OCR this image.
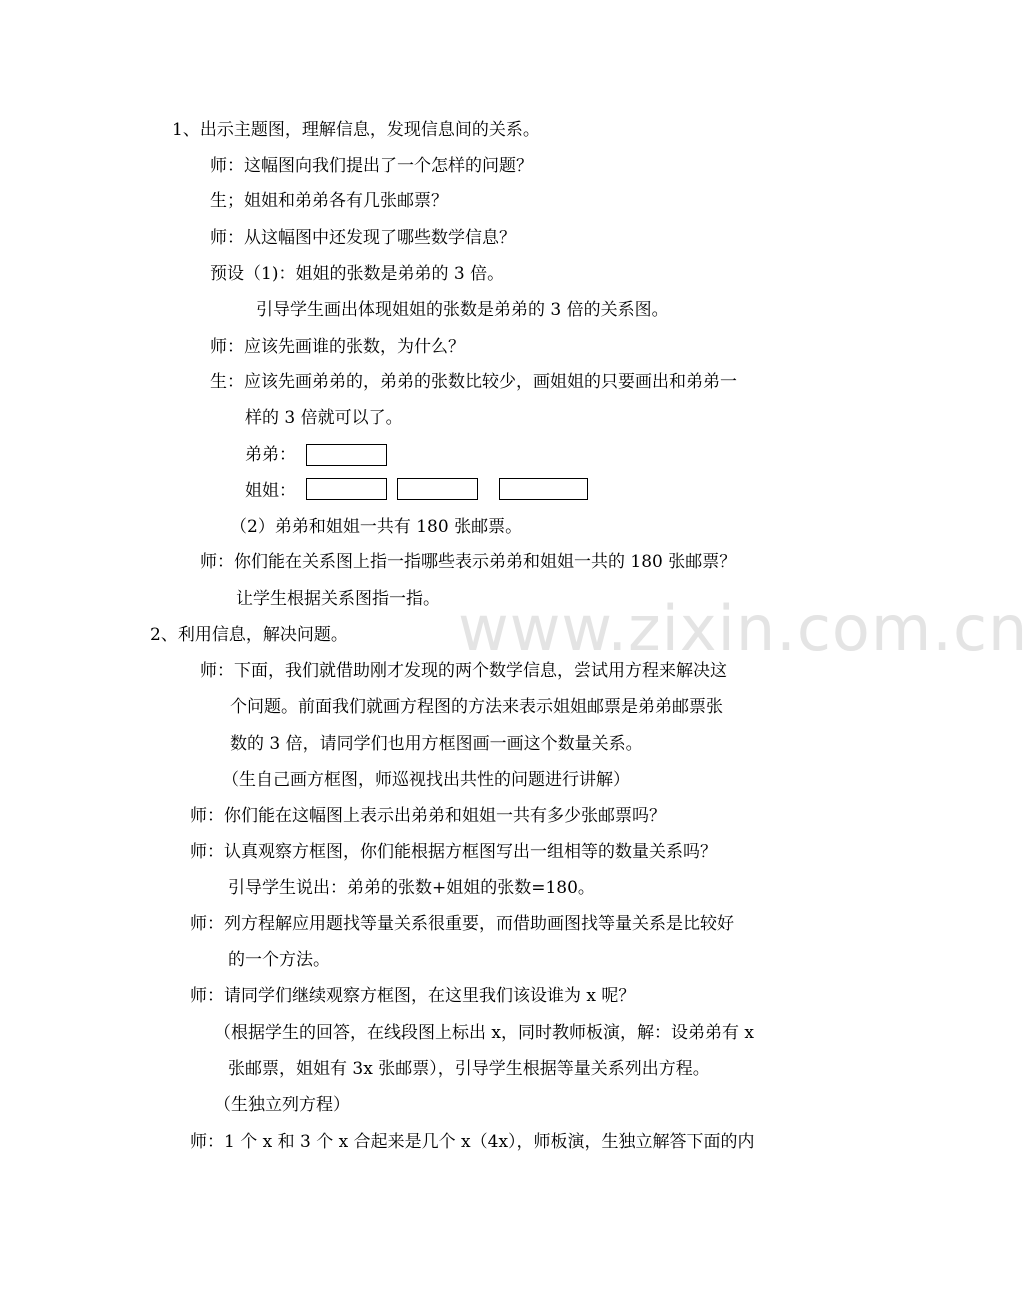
www.zixin.com.cn
1、出示主题图，理解信息，发现信息间的关系。
师：这幅图向我们提出了一个怎样的问题？
生；姐姐和弟弟各有几张邮票？
师：从这幅图中还发现了哪些数学信息？
预设（1)：姐姐的张数是弟弟的 3 倍。
引导学生画出体现姐姐的张数是弟弟的 3 倍的关系图。
师：应该先画谁的张数，为什么？
生：应该先画弟弟的，弟弟的张数比较少，画姐姐的只要画出和弟弟一
样的 3 倍就可以了。
弟弟：
姐姐：
（2）弟弟和姐姐一共有 180 张邮票。
师：你们能在关系图上指一指哪些表示弟弟和姐姐一共的 180 张邮票？
让学生根据关系图指一指。
2、利用信息，解决问题。
师：下面，我们就借助刚才发现的两个数学信息，尝试用方程来解决这
个问题。前面我们就画方程图的方法来表示姐姐邮票是弟弟邮票张
数的 3 倍，请同学们也用方框图画一画这个数量关系。
（生自己画方框图，师巡视找出共性的问题进行讲解）
师：你们能在这幅图上表示出弟弟和姐姐一共有多少张邮票吗？
师：认真观察方框图，你们能根据方框图写出一组相等的数量关系吗？
引导学生说出：弟弟的张数+姐姐的张数=180。
师：列方程解应用题找等量关系很重要，而借助画图找等量关系是比较好
的一个方法。
师：请同学们继续观察方框图，在这里我们该设谁为 x 呢？
（根据学生的回答，在线段图上标出 x，同时教师板演，解：设弟弟有 x
张邮票，姐姐有 3x 张邮票），引导学生根据等量关系列出方程。
（生独立列方程）
师：1 个 x 和 3 个 x 合起来是几个 x（4x），师板演，生独立解答下面的内
